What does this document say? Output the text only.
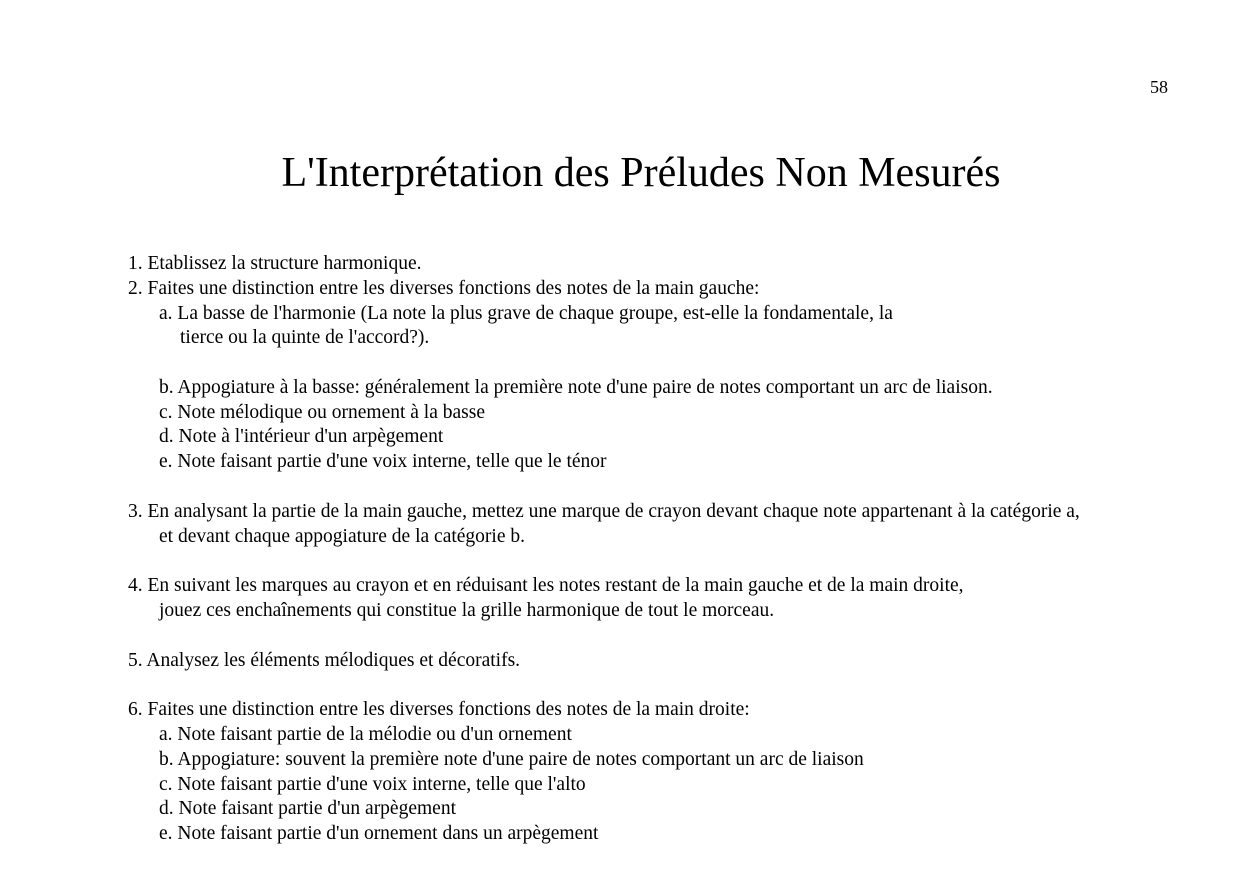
58
L'Interprétation des Préludes Non Mesurés
1. Etablissez la structure harmonique.
2. Faites une distinction entre les diverses fonctions des notes de la main gauche:
a. La basse de l'harmonie (La note la plus grave de chaque groupe, est-elle la fondamentale, la
tierce ou la quinte de l'accord?).
b. Appogiature à la basse: généralement la première note d'une paire de notes comportant un arc de liaison.
c. Note mélodique ou ornement à la basse
d. Note à l'intérieur d'un arpègement
e. Note faisant partie d'une voix interne, telle que le ténor
3. En analysant la partie de la main gauche, mettez une marque de crayon devant chaque note appartenant à la catégorie a,
et devant chaque appogiature de la catégorie b.
4. En suivant les marques au crayon et en réduisant les notes restant de la main gauche et de la main droite,
jouez ces enchaînements qui constitue la grille harmonique de tout le morceau.
5. Analysez les éléments mélodiques et décoratifs.
6. Faites une distinction entre les diverses fonctions des notes de la main droite:
a. Note faisant partie de la mélodie ou d'un ornement
b. Appogiature: souvent la première note d'une paire de notes comportant un arc de liaison
c. Note faisant partie d'une voix interne, telle que l'alto
d. Note faisant partie d'un arpègement
e. Note faisant partie d'un ornement dans un arpègement
